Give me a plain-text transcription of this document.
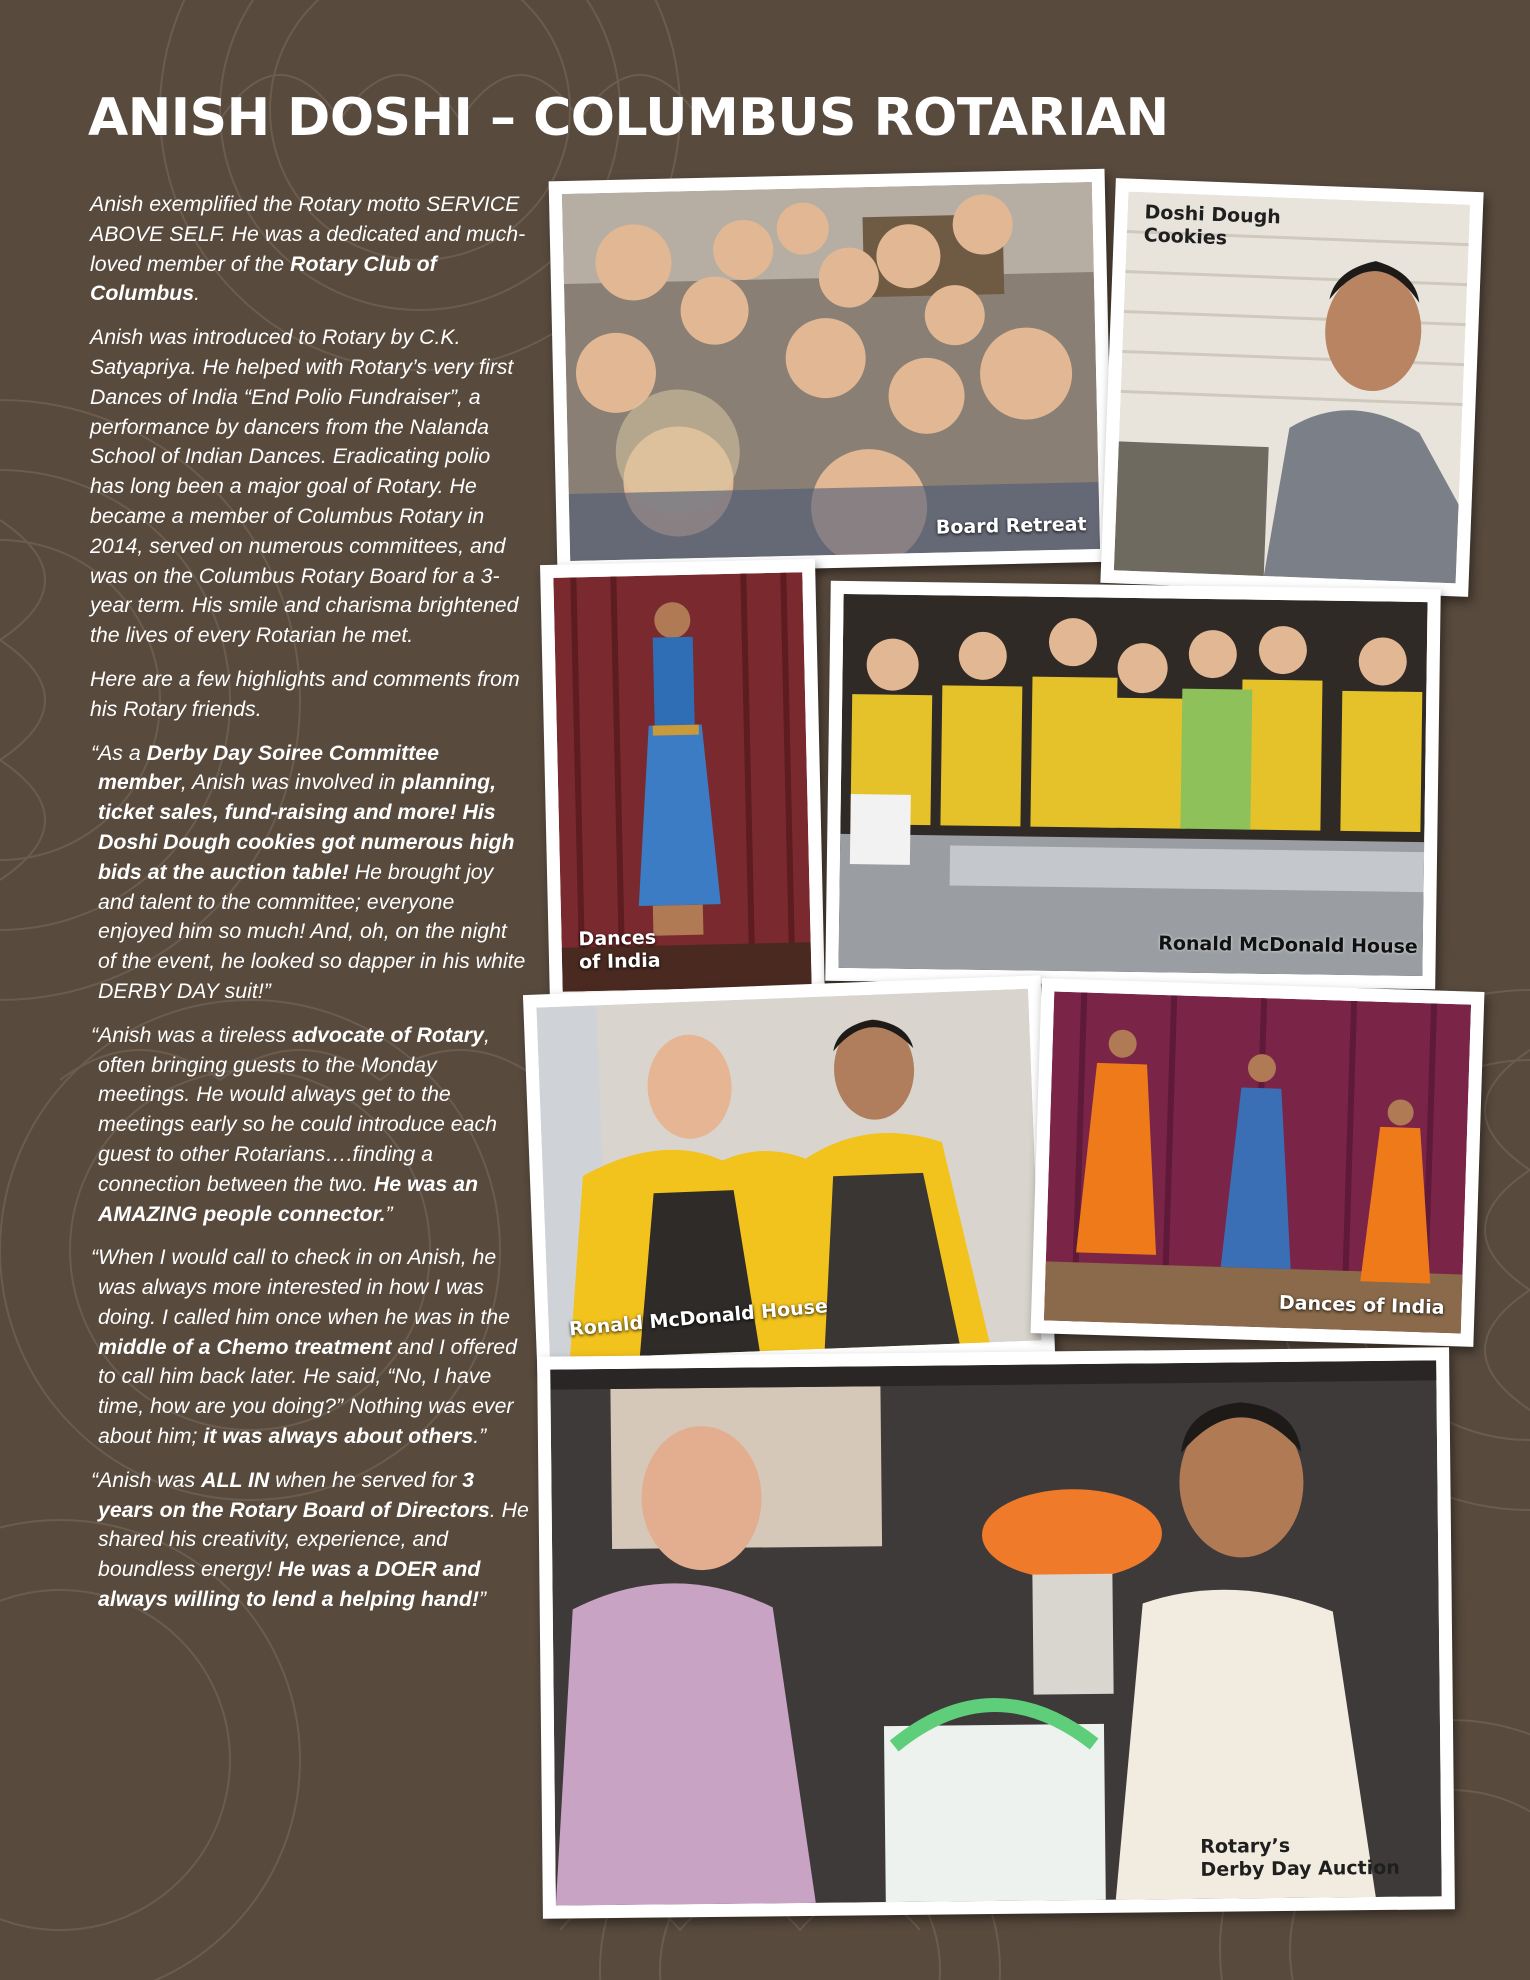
ANISH DOSHI – COLUMBUS ROTARIAN

Anish exemplified the Rotary motto SERVICE ABOVE SELF. He was a dedicated and much-loved member of the Rotary Club of Columbus.

Anish was introduced to Rotary by C.K. Satyapriya. He helped with Rotary’s very first Dances of India “End Polio Fundraiser”, a performance by dancers from the Nalanda School of Indian Dances. Eradicating polio has long been a major goal of Rotary. He became a member of Columbus Rotary in 2014, served on numerous committees, and was on the Columbus Rotary Board for a 3-year term. His smile and charisma brightened the lives of every Rotarian he met.

Here are a few highlights and comments from his Rotary friends.

“As a Derby Day Soiree Committee member, Anish was involved in planning, ticket sales, fund-raising and more! His Doshi Dough cookies got numerous high bids at the auction table! He brought joy and talent to the committee; everyone enjoyed him so much! And, oh, on the night of the event, he looked so dapper in his white DERBY DAY suit!”

“Anish was a tireless advocate of Rotary, often bringing guests to the Monday meetings. He would always get to the meetings early so he could introduce each guest to other Rotarians….finding a connection between the two. He was an AMAZING people connector.”

“When I would call to check in on Anish, he was always more interested in how I was doing. I called him once when he was in the middle of a Chemo treatment and I offered to call him back later. He said, “No, I have time, how are you doing?” Nothing was ever about him; it was always about others.”

“Anish was ALL IN when he served for 3 years on the Rotary Board of Directors. He shared his creativity, experience, and boundless energy! He was a DOER and always willing to lend a helping hand!”

Board Retreat
Doshi Dough
Cookies
Dances
of India
Ronald McDonald House
Ronald McDonald House	Dances of India
Rotary’s
Derby Day Auction
